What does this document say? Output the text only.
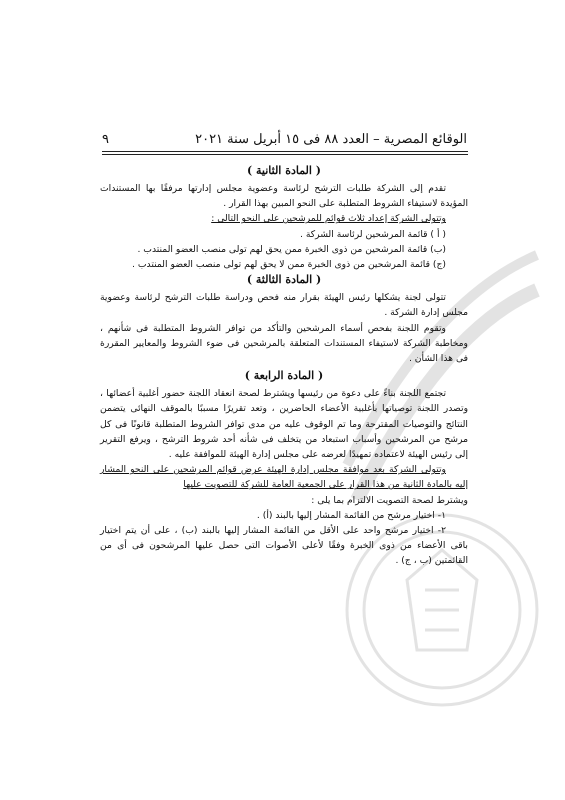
٩	الوقائع المصرية – العدد ٨٨ فى ١٥ أبريل سنة ٢٠٢١
( المادة الثانية )
تقدم إلى الشركة طلبات الترشح لرئاسة وعضوية مجلس إدارتها مرفقًا بها المستندات المؤيدة لاستيفاء الشروط المتطلبة على النحو المبين بهذا القرار .
وتتولى الشركة إعداد ثلاث قوائم للمرشحين على النحو التالى :
( أ ) قائمة المرشحين لرئاسة الشركة .
(ب) قائمة المرشحين من ذوى الخبرة ممن يحق لهم تولى منصب العضو المنتدب .
(ج) قائمة المرشحين من ذوى الخبرة ممن لا يحق لهم تولى منصب العضو المنتدب .
( المادة الثالثة )
تتولى لجنة يشكلها رئيس الهيئة بقرار منه فحص ودراسة طلبات الترشح لرئاسة وعضوية مجلس إدارة الشركة .
وتقوم اللجنة بفحص أسماء المرشحين والتأكد من توافر الشروط المتطلبة فى شأنهم ، ومخاطبة الشركة لاستيفاء المستندات المتعلقة بالمرشحين فى ضوء الشروط والمعايير المقررة فى هذا الشأن .
( المادة الرابعة )
تجتمع اللجنة بناءً على دعوة من رئيسها ويشترط لصحة انعقاد اللجنة حضور أغلبية أعضائها ، وتصدر اللجنة توصياتها بأغلبية الأعضاء الحاضرين ، وتعد تقريرًا مسببًا بالموقف النهائى يتضمن النتائج والتوصيات المقترحة وما تم الوقوف عليه من مدى توافر الشروط المتطلبة قانونًا فى كل مرشح من المرشحين وأسباب استبعاد من يتخلف فى شأنه أحد شروط الترشح ، ويرفع التقرير إلى رئيس الهيئة لاعتماده تمهيدًا لعرضه على مجلس إدارة الهيئة للموافقة عليه .
وتتولى الشركة بعد موافقة مجلس إدارة الهيئة عرض قوائم المرشحين على النحو المشار إليه بالمادة الثانية من هذا القرار على الجمعية العامة للشركة للتصويت عليها
ويشترط لصحة التصويت الالتزام بما يلى :
١- اختيار مرشح من القائمة المشار إليها بالبند (أ) .
٢- اختيار مرشح واحد على الأقل من القائمة المشار إليها بالبند (ب) ، على أن يتم اختيار باقى الأعضاء من ذوى الخبرة وفقًا لأعلى الأصوات التى حصل عليها المرشحون فى أى من القائمتين (ب ، ج) .
